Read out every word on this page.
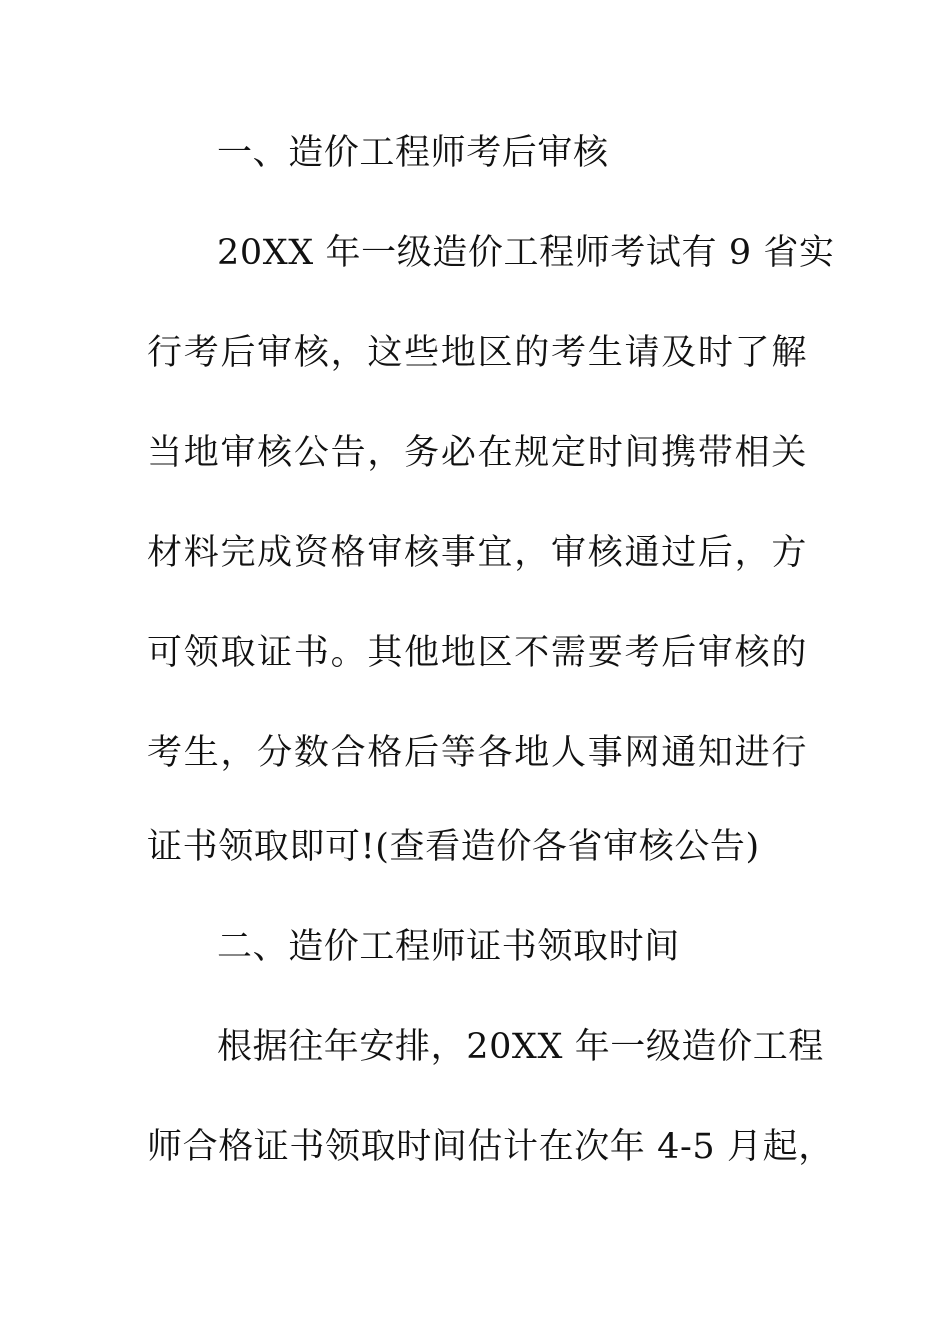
一、造价工程师考后审核
20XX 年一级造价工程师考试有 9 省实
行考后审核，这些地区的考生请及时了解
当地审核公告，务必在规定时间携带相关
材料完成资格审核事宜，审核通过后，方
可领取证书。其他地区不需要考后审核的
考生，分数合格后等各地人事网通知进行
证书领取即可!(查看造价各省审核公告)
二、造价工程师证书领取时间
根据往年安排，20XX 年一级造价工程
师合格证书领取时间估计在次年 4-5 月起，
